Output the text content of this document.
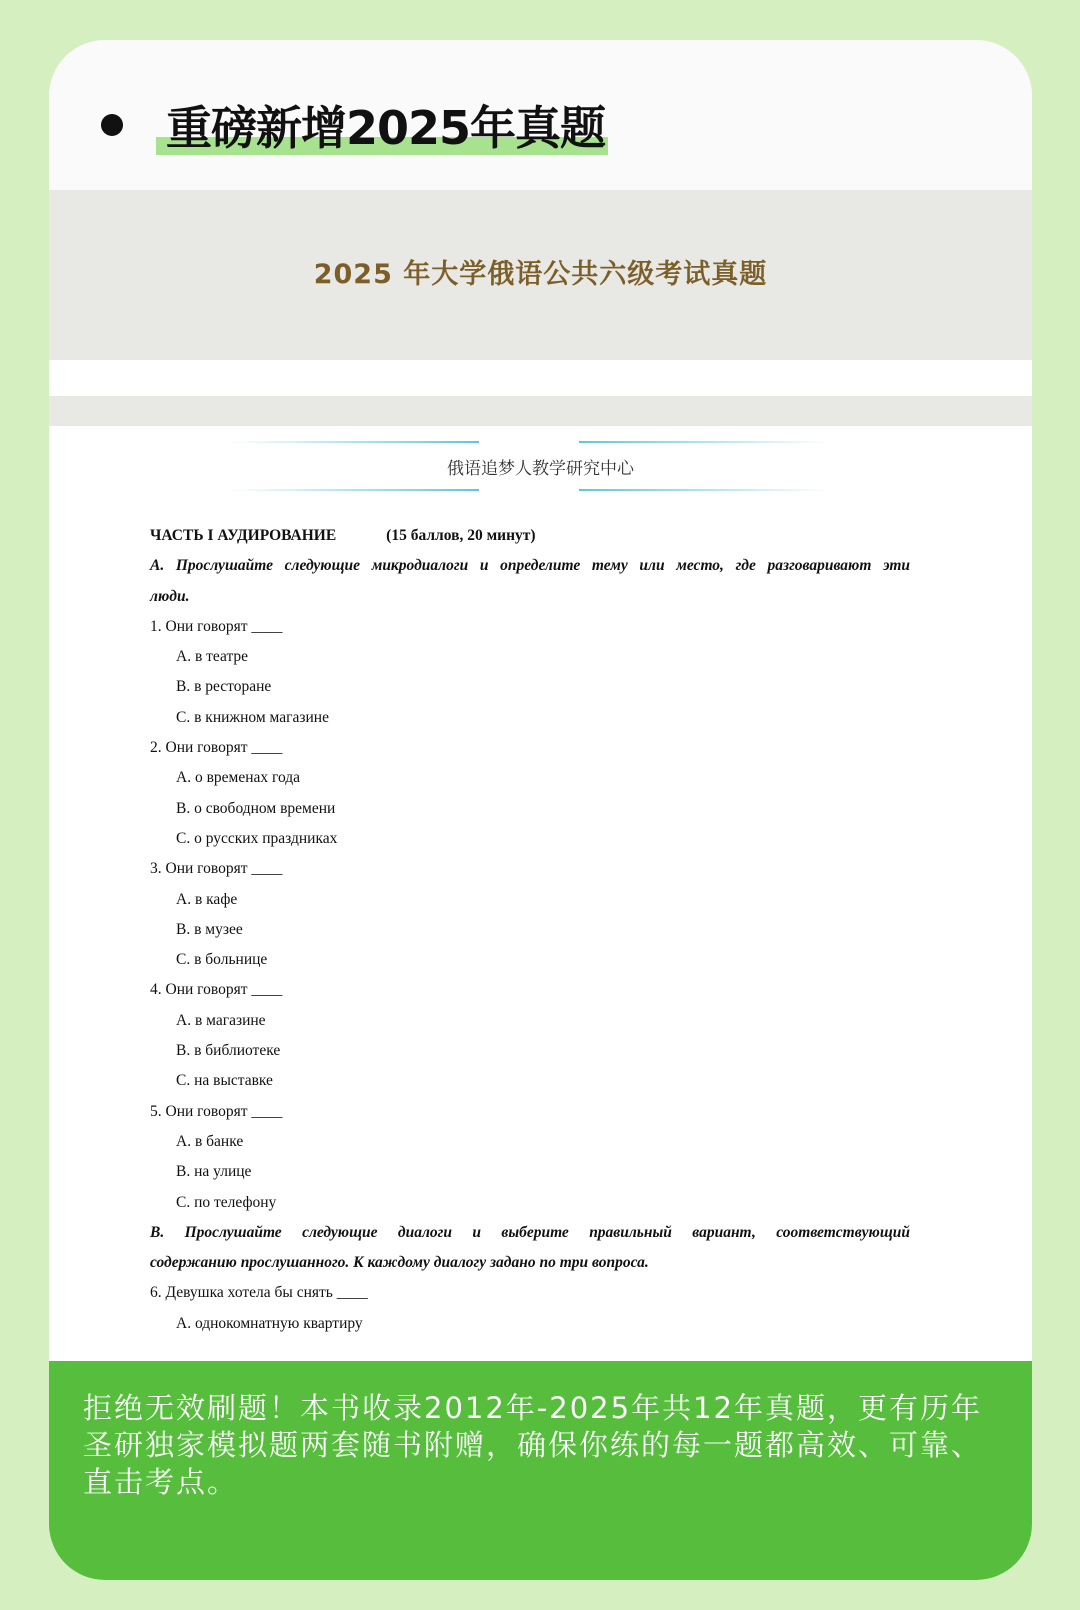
重磅新增2025年真题
2025 年大学俄语公共六级考试真题
俄语追梦人教学研究中心
ЧАСТЬ I АУДИРОВАНИЕ	(15 баллов, 20 минут)
А. Прослушайте следующие микродиалоги и определите тему или место, где разговаривают эти
люди.
1. Они говорят ____
A. в театре
B. в ресторане
C. в книжном магазине
2. Они говорят ____
A. о временах года
B. о свободном времени
C. о русских праздниках
3. Они говорят ____
A. в кафе
B. в музее
C. в больнице
4. Они говорят ____
A. в магазине
B. в библиотеке
C. на выставке
5. Они говорят ____
A. в банке
B. на улице
C. по телефону
В. Прослушайте следующие диалоги и выберите правильный вариант, соответствующий
содержанию прослушанного. К каждому диалогу задано по три вопроса.
6. Девушка хотела бы снять ____
A. однокомнатную квартиру

拒绝无效刷题！本书收录2012年-2025年共12年真题，更有历年圣研独家模拟题两套随书附赠，确保你练的每一题都高效、可靠、直击考点。
